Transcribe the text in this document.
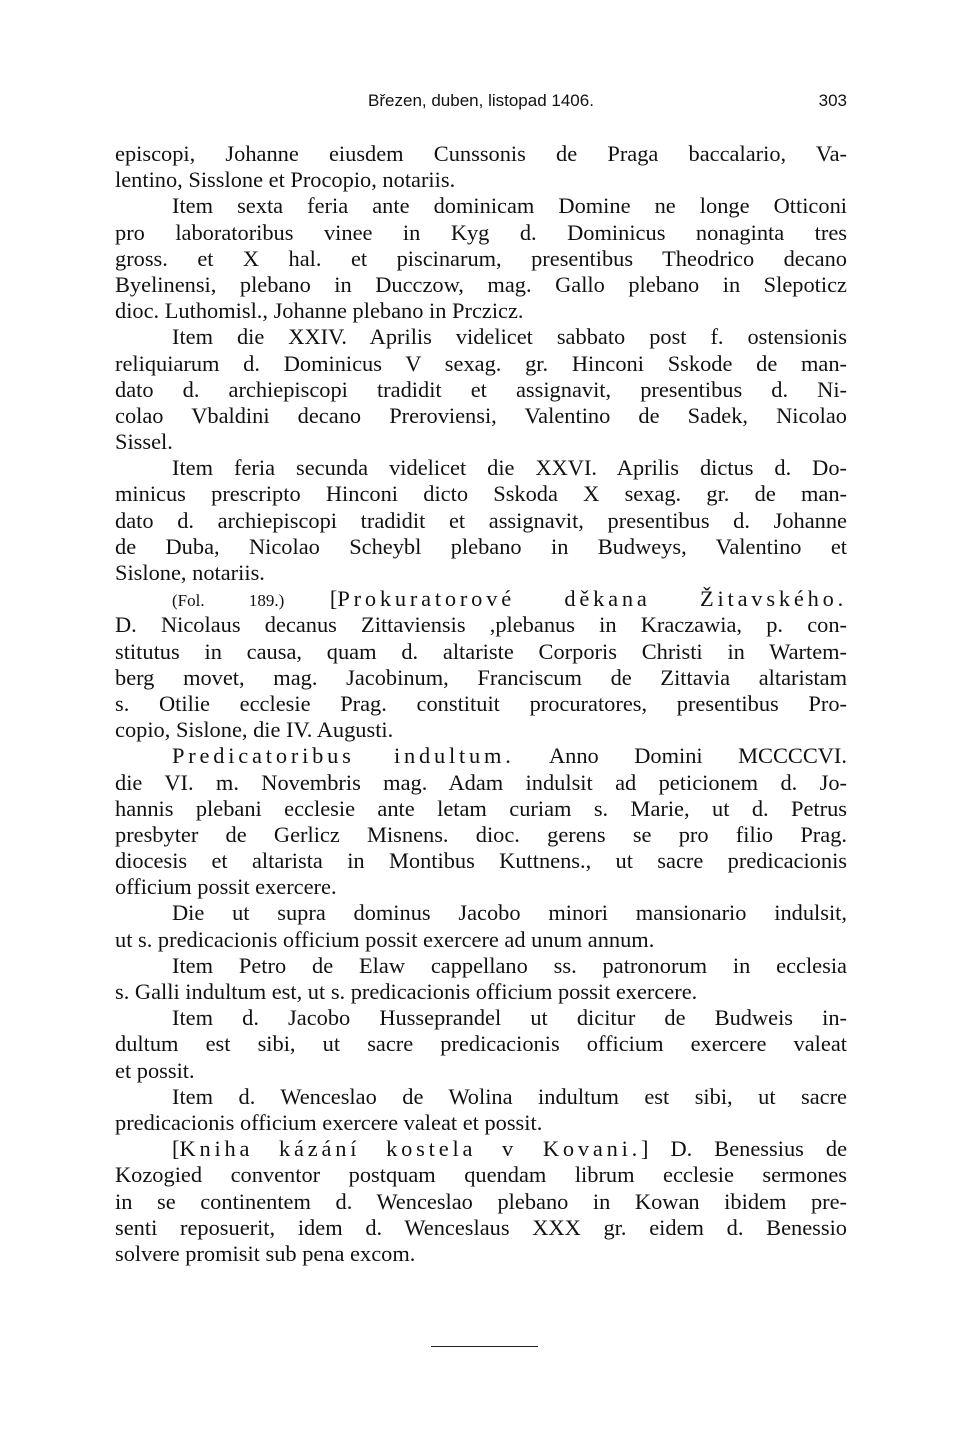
Březen, duben, listopad 1406.	303
episcopi, Johanne eiusdem Cunssonis de Praga baccalario, Va-
lentino, Sisslone et Procopio, notariis.
Item sexta feria ante dominicam Domine ne longe Otticoni
pro laboratoribus vinee in Kyg d. Dominicus nonaginta tres
gross. et X hal. et piscinarum, presentibus Theodrico decano
Byelinensi, plebano in Ducczow, mag. Gallo plebano in Slepoticz
dioc. Luthomisl., Johanne plebano in Prczicz.
Item die XXIV. Aprilis videlicet sabbato post f. ostensionis
reliquiarum d. Dominicus V sexag. gr. Hinconi Sskode de man-
dato d. archiepiscopi tradidit et assignavit, presentibus d. Ni-
colao Vbaldini decano Preroviensi, Valentino de Sadek, Nicolao
Sissel.
Item feria secunda videlicet die XXVI. Aprilis dictus d. Do-
minicus prescripto Hinconi dicto Sskoda X sexag. gr. de man-
dato d. archiepiscopi tradidit et assignavit, presentibus d. Johanne
de Duba, Nicolao Scheybl plebano in Budweys, Valentino et
Sislone, notariis.
(Fol. 189.) [Prokuratorové děkana Žitavského.
D. Nicolaus decanus Zittaviensis ,plebanus in Kraczawia, p. con-
stitutus in causa, quam d. altariste Corporis Christi in Wartem-
berg movet, mag. Jacobinum, Franciscum de Zittavia altaristam
s. Otilie ecclesie Prag. constituit procuratores, presentibus Pro-
copio, Sislone, die IV. Augusti.
Predicatoribus indultum. Anno Domini MCCCCVI.
die VI. m. Novembris mag. Adam indulsit ad peticionem d. Jo-
hannis plebani ecclesie ante letam curiam s. Marie, ut d. Petrus
presbyter de Gerlicz Misnens. dioc. gerens se pro filio Prag.
diocesis et altarista in Montibus Kuttnens., ut sacre predicacionis
officium possit exercere.
Die ut supra dominus Jacobo minori mansionario indulsit,
ut s. predicacionis officium possit exercere ad unum annum.
Item Petro de Elaw cappellano ss. patronorum in ecclesia
s. Galli indultum est, ut s. predicacionis officium possit exercere.
Item d. Jacobo Husseprandel ut dicitur de Budweis in-
dultum est sibi, ut sacre predicacionis officium exercere valeat
et possit.
Item d. Wenceslao de Wolina indultum est sibi, ut sacre
predicacionis officium exercere valeat et possit.
[Kniha kázání kostela v Kovani.] D. Benessius de
Kozogied conventor postquam quendam librum ecclesie sermones
in se continentem d. Wenceslao plebano in Kowan ibidem pre-
senti reposuerit, idem d. Wenceslaus XXX gr. eidem d. Benessio
solvere promisit sub pena excom.
